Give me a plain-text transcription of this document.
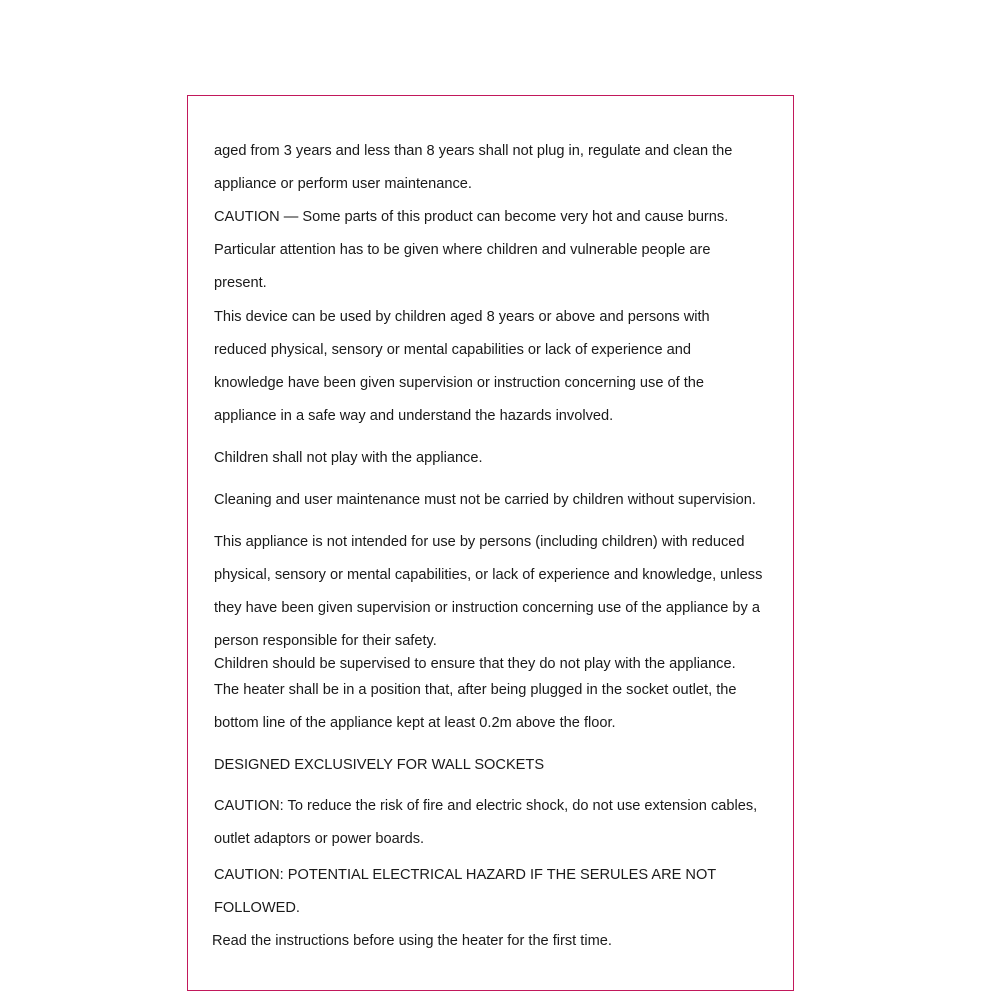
aged from 3 years and less than 8 years shall not plug in, regulate and clean the
appliance or perform user maintenance.
CAUTION — Some parts of this product can become very hot and cause burns.
Particular attention has to be given where children and vulnerable people are
present.
This device can be used by children aged 8 years or above and persons with
reduced physical, sensory or mental capabilities or lack of experience and
knowledge have been given supervision or instruction concerning use of the
appliance in a safe way and understand the hazards involved.
Children shall not play with the appliance.
Cleaning and user maintenance must not be carried by children without supervision.
This appliance is not intended for use by persons (including children) with reduced
physical, sensory or mental capabilities, or lack of experience and knowledge, unless
they have been given supervision or instruction concerning use of the appliance by a
person responsible for their safety.
Children should be supervised to ensure that they do not play with the appliance.
The heater shall be in a position that, after being plugged in the socket outlet, the
bottom line of the appliance kept at least 0.2m above the floor.
DESIGNED EXCLUSIVELY FOR WALL SOCKETS
CAUTION: To reduce the risk of fire and electric shock, do not use extension cables,
outlet adaptors or power boards.
CAUTION: POTENTIAL ELECTRICAL HAZARD IF THE SERULES ARE NOT
FOLLOWED.
Read the instructions before using the heater for the first time.
